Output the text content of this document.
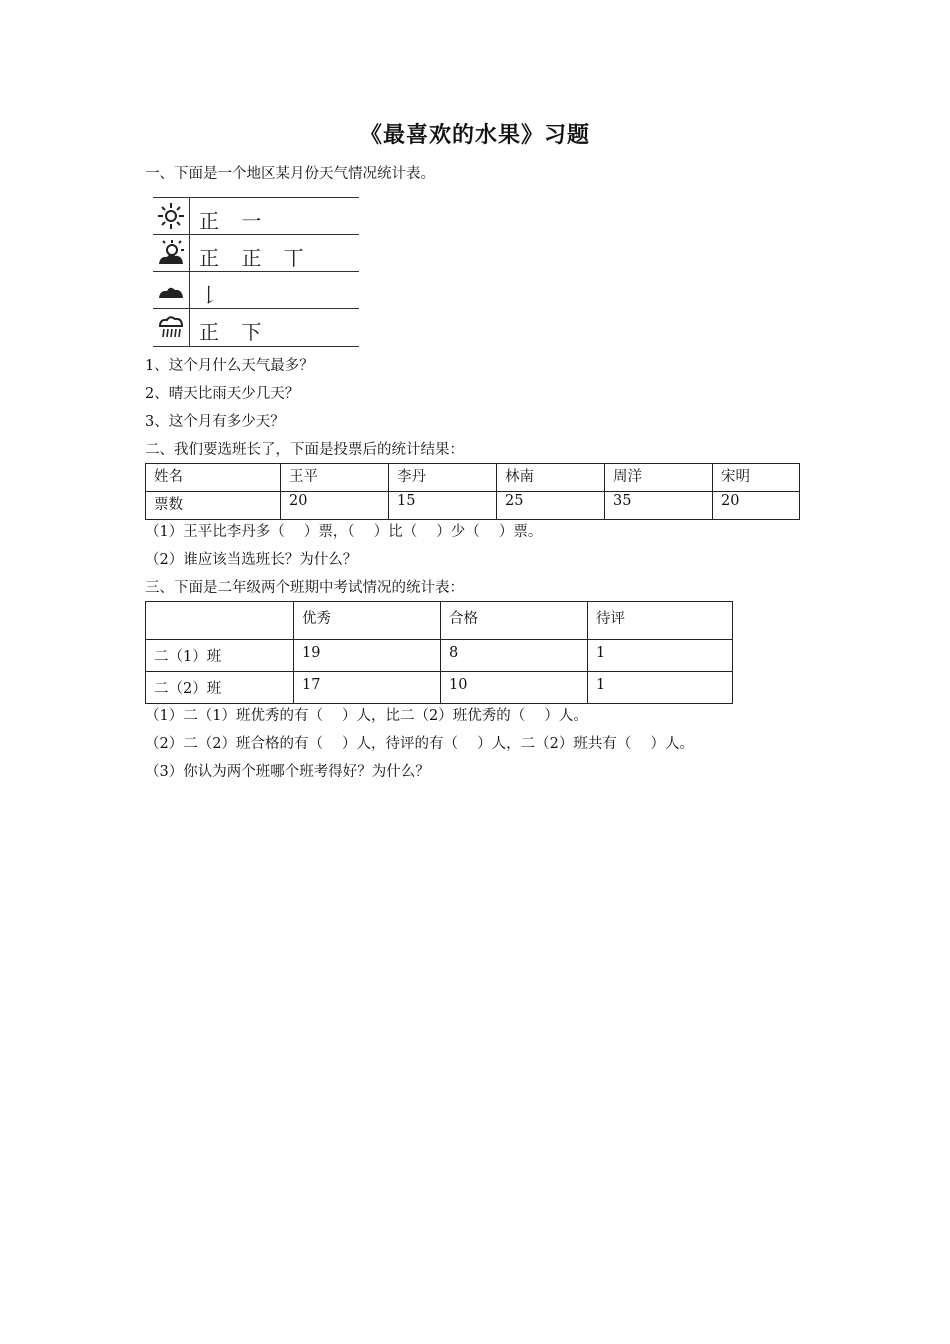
《最喜欢的水果》习题
一、下面是一个地区某月份天气情况统计表。
正 一
正 正 丅
𠄌
正 下
1、这个月什么天气最多？
2、晴天比雨天少几天？
3、这个月有多少天？
二、我们要选班长了，下面是投票后的统计结果：
姓名	王平	李丹	林南	周洋	宋明
票数	20	15	25	35	20
（1）王平比李丹多（　 ）票，（　 ）比（　 ）少（　 ）票。
（2）谁应该当选班长？为什么？
三、下面是二年级两个班期中考试情况的统计表：
	优秀	合格	待评
二（1）班	19	8	1
二（2）班	17	10	1
（1）二（1）班优秀的有（　 ）人，比二（2）班优秀的（　 ）人。
（2）二（2）班合格的有（　 ）人，待评的有（　 ）人，二（2）班共有（　 ）人。
（3）你认为两个班哪个班考得好？为什么？
